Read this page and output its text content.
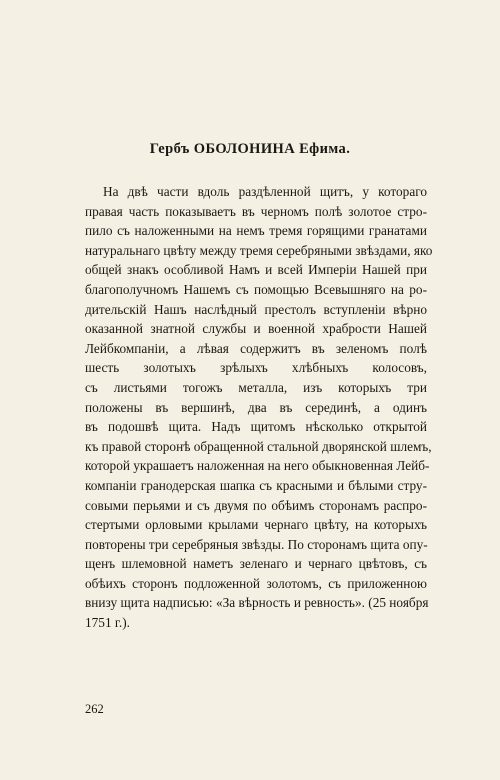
Гербъ ОБОЛОНИНА Ефима.
На двѣ части вдоль раздѣленной щитъ, у котораго
правая часть показываетъ въ черномъ полѣ золотое стро-
пило съ наложенными на немъ тремя горящими гранатами
натуральнаго цвѣту между тремя серебряными звѣздами, яко
общей знакъ особливой Намъ и всей Имперіи Нашей при
благополучномъ Нашемъ съ помощью Всевышняго на ро-
дительскій Нашъ наслѣдный престолъ вступленіи вѣрно
оказанной знатной службы и военной храбрости Нашей
Лейбкомпаніи, а лѣвая содержитъ въ зеленомъ полѣ
шесть золотыхъ зрѣлыхъ хлѣбныхъ колосовъ,
съ листьями тогожъ металла, изъ которыхъ три
положены въ вершинѣ, два въ серединѣ, а одинъ
въ подошвѣ щита. Надъ щитомъ нѣсколько открытой
къ правой сторонѣ обращенной стальной дворянской шлемъ,
которой украшаетъ наложенная на него обыкновенная Лейб-
компаніи гранодерская шапка съ красными и бѣлыми стру-
совыми перьями и съ двумя по обѣимъ сторонамъ распро-
стертыми орловыми крылами чернаго цвѣту, на которыхъ
повторены три серебряныя звѣзды. По сторонамъ щита опу-
щенъ шлемовной наметъ зеленаго и чернаго цвѣтовъ, съ
обѣихъ сторонъ подложенной золотомъ, съ приложенною
внизу щита надписью: «За вѣрность и ревность». (25 ноября
1751 г.).
262
